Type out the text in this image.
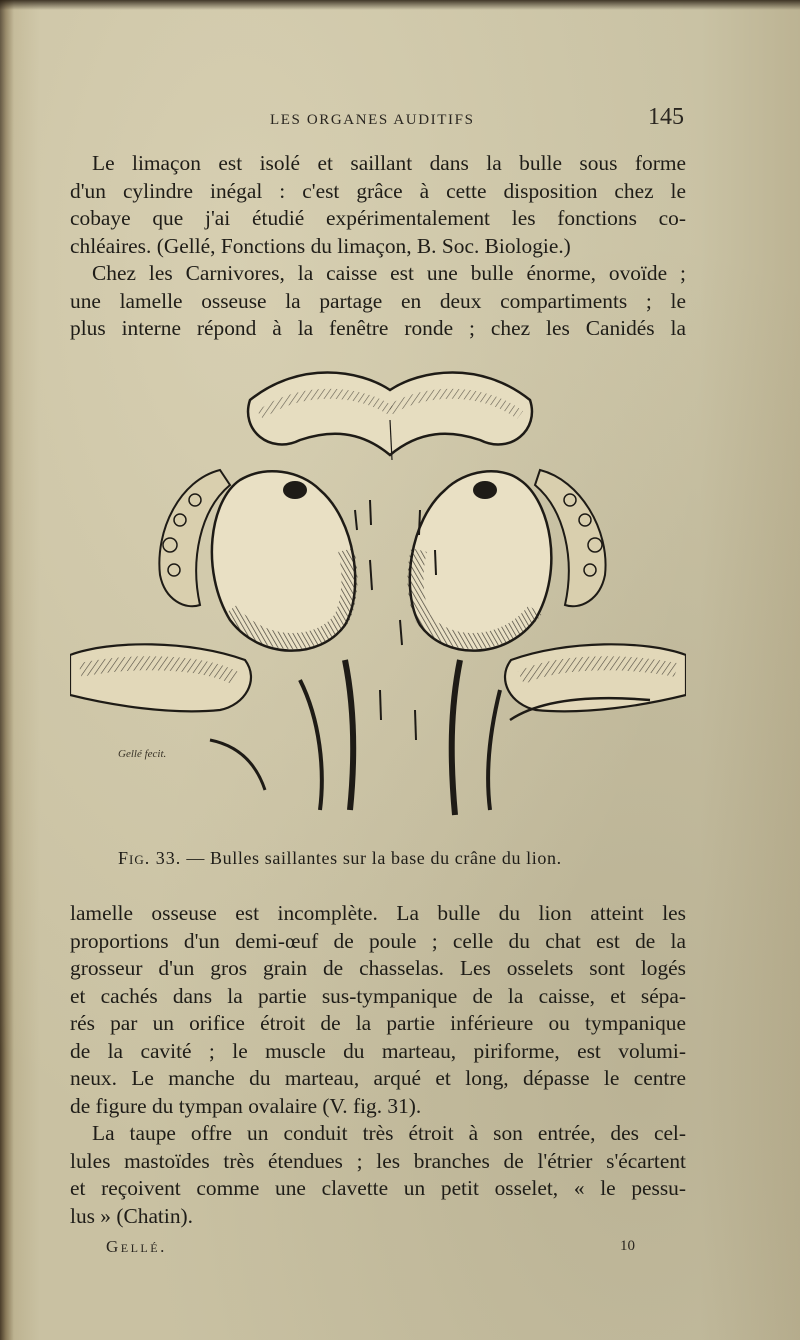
LES ORGANES AUDITIFS	145

Le limaçon est isolé et saillant dans la bulle sous forme

d'un cylindre inégal : c'est grâce à cette disposition chez le
cobaye que j'ai étudié expérimentalement les fonctions co-
chléaires. (Gellé, Fonctions du limaçon, B. Soc. Biologie.)

Chez les Carnivores, la caisse est une bulle énorme, ovoïde ;

une lamelle osseuse la partage en deux compartiments ; le
plus interne répond à la fenêtre ronde ; chez les Canidés la

Gellé fecit.
Fig. 33. — Bulles saillantes sur la base du crâne du lion.

lamelle osseuse est incomplète. La bulle du lion atteint les
proportions d'un demi-œuf de poule ; celle du chat est de la
grosseur d'un gros grain de chasselas. Les osselets sont logés
et cachés dans la partie sus-tympanique de la caisse, et sépa-
rés par un orifice étroit de la partie inférieure ou tympanique
de la cavité ; le muscle du marteau, piriforme, est volumi-
neux. Le manche du marteau, arqué et long, dépasse le centre
de figure du tympan ovalaire (V. fig. 31).

La taupe offre un conduit très étroit à son entrée, des cel-

lules mastoïdes très étendues ; les branches de l'étrier s'écartent
et reçoivent comme une clavette un petit osselet, « le pessu-
lus » (Chatin).

Gellé.	10
